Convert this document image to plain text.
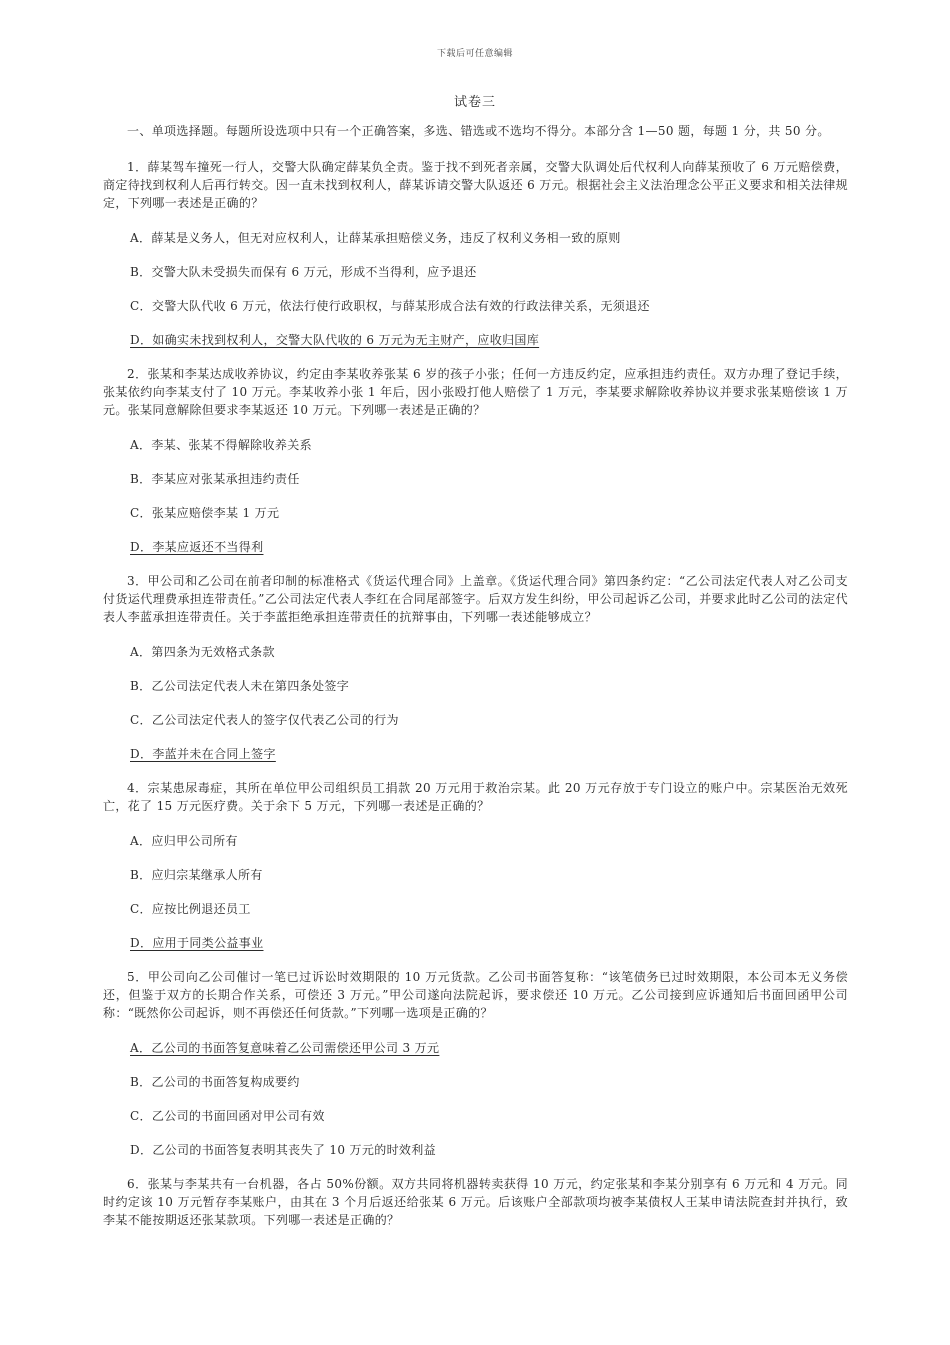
下载后可任意编辑
试卷三

一、单项选择题。每题所设选项中只有一个正确答案，多选、错选或不选均不得分。本部分含 1—50 题，每题 1 分，共 50 分。

1．薛某驾车撞死一行人，交警大队确定薛某负全责。鉴于找不到死者亲属，交警大队调处后代权利人向薛某预收了 6 万元赔偿费，商定待找到权利人后再行转交。因一直未找到权利人，薛某诉请交警大队返还 6 万元。根据社会主义法治理念公平正义要求和相关法律规定，下列哪一表述是正确的？

A．薛某是义务人，但无对应权利人，让薛某承担赔偿义务，违反了权利义务相一致的原则

B．交警大队未受损失而保有 6 万元，形成不当得利，应予退还

C．交警大队代收 6 万元，依法行使行政职权，与薛某形成合法有效的行政法律关系，无须退还

D．如确实未找到权利人，交警大队代收的 6 万元为无主财产，应收归国库

2．张某和李某达成收养协议，约定由李某收养张某 6 岁的孩子小张；任何一方违反约定，应承担违约责任。双方办理了登记手续，张某依约向李某支付了 10 万元。李某收养小张 1 年后，因小张殴打他人赔偿了 1 万元，李某要求解除收养协议并要求张某赔偿该 1 万元。张某同意解除但要求李某返还 10 万元。下列哪一表述是正确的？

A．李某、张某不得解除收养关系

B．李某应对张某承担违约责任

C．张某应赔偿李某 1 万元

D．李某应返还不当得利

3．甲公司和乙公司在前者印制的标准格式《货运代理合同》上盖章。《货运代理合同》第四条约定：“乙公司法定代表人对乙公司支付货运代理费承担连带责任。”乙公司法定代表人李红在合同尾部签字。后双方发生纠纷，甲公司起诉乙公司，并要求此时乙公司的法定代表人李蓝承担连带责任。关于李蓝拒绝承担连带责任的抗辩事由，下列哪一表述能够成立？

A．第四条为无效格式条款

B．乙公司法定代表人未在第四条处签字

C．乙公司法定代表人的签字仅代表乙公司的行为

D．李蓝并未在合同上签字

4．宗某患尿毒症，其所在单位甲公司组织员工捐款 20 万元用于救治宗某。此 20 万元存放于专门设立的账户中。宗某医治无效死亡，花了 15 万元医疗费。关于余下 5 万元，下列哪一表述是正确的？

A．应归甲公司所有

B．应归宗某继承人所有

C．应按比例退还员工

D．应用于同类公益事业

5．甲公司向乙公司催讨一笔已过诉讼时效期限的 10 万元货款。乙公司书面答复称：“该笔债务已过时效期限，本公司本无义务偿还，但鉴于双方的长期合作关系，可偿还 3 万元。”甲公司遂向法院起诉，要求偿还 10 万元。乙公司接到应诉通知后书面回函甲公司称：“既然你公司起诉，则不再偿还任何货款。”下列哪一选项是正确的？

A．乙公司的书面答复意味着乙公司需偿还甲公司 3 万元

B．乙公司的书面答复构成要约

C．乙公司的书面回函对甲公司有效

D．乙公司的书面答复表明其丧失了 10 万元的时效利益

6．张某与李某共有一台机器，各占 50%份额。双方共同将机器转卖获得 10 万元，约定张某和李某分别享有 6 万元和 4 万元。同时约定该 10 万元暂存李某账户，由其在 3 个月后返还给张某 6 万元。后该账户全部款项均被李某债权人王某申请法院查封并执行，致李某不能按期返还张某款项。下列哪一表述是正确的？
